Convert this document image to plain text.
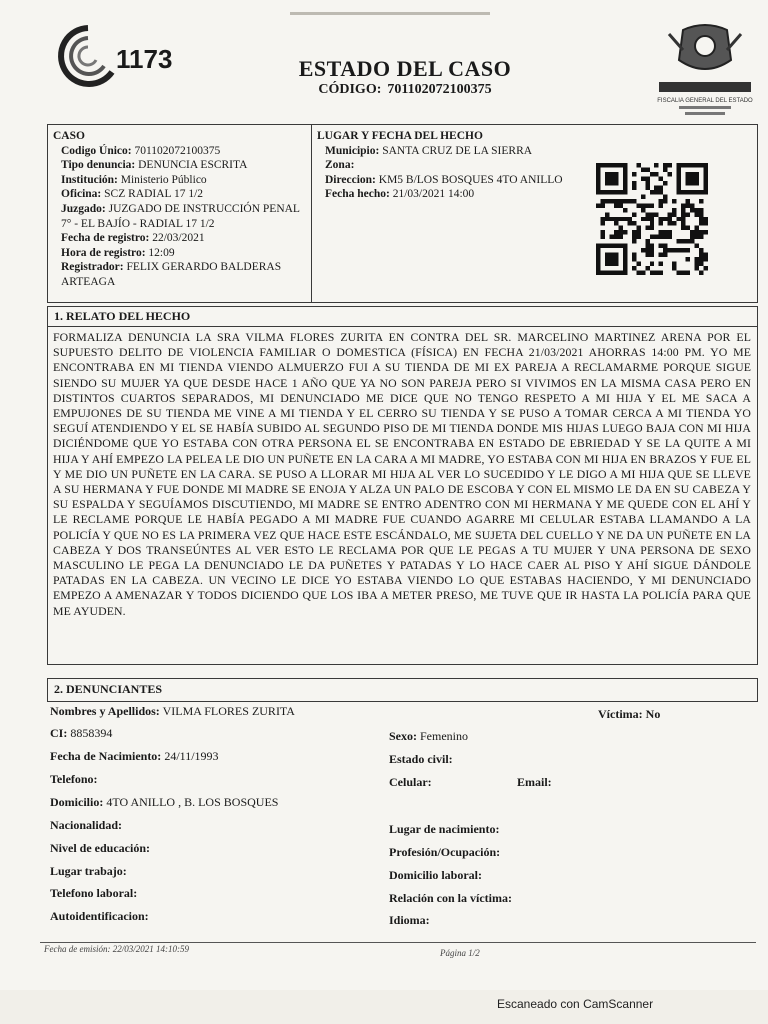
1173	ESTADO DEL CASO
CÓDIGO: 701102072100375
FISCALIA GENERAL DEL ESTADO
CASO
Codigo Único: 701102072100375
Tipo denuncia: DENUNCIA ESCRITA
Institución: Ministerio Público
Oficina: SCZ RADIAL 17 1/2
Juzgado: JUZGADO DE INSTRUCCIÓN PENAL 7° - EL BAJÍO - RADIAL 17 1/2
Fecha de registro: 22/03/2021
Hora de registro: 12:09
Registrador: FELIX GERARDO BALDERAS ARTEAGA
LUGAR Y FECHA DEL HECHO
Municipio: SANTA CRUZ DE LA SIERRA
Zona:
Direccion: KM5 B/LOS BOSQUES 4TO ANILLO
Fecha hecho: 21/03/2021 14:00
1. RELATO DEL HECHO
FORMALIZA DENUNCIA LA SRA VILMA FLORES ZURITA EN CONTRA DEL SR. MARCELINO MARTINEZ ARENA POR EL SUPUESTO DELITO DE VIOLENCIA FAMILIAR O DOMESTICA (FÍSICA) EN FECHA 21/03/2021 AHORRAS 14:00 PM. YO ME ENCONTRABA EN MI TIENDA VIENDO ALMUERZO FUI A SU TIENDA DE MI EX PAREJA A RECLAMARME PORQUE SIGUE SIENDO SU MUJER YA QUE DESDE HACE 1 AÑO QUE YA NO SON PAREJA PERO SI VIVIMOS EN LA MISMA CASA PERO EN DISTINTOS CUARTOS SEPARADOS, MI DENUNCIADO ME DICE QUE NO TENGO RESPETO A MI HIJA Y EL ME SACA A EMPUJONES DE SU TIENDA ME VINE A MI TIENDA Y EL CERRO SU TIENDA Y SE PUSO A TOMAR CERCA A MI TIENDA YO SEGUÍ ATENDIENDO Y EL SE HABÍA SUBIDO AL SEGUNDO PISO DE MI TIENDA DONDE MIS HIJAS LUEGO BAJA CON MI HIJA DICIÉNDOME QUE YO ESTABA CON OTRA PERSONA EL SE ENCONTRABA EN ESTADO DE EBRIEDAD Y SE LA QUITE A MI HIJA Y AHÍ EMPEZO LA PELEA LE DIO UN PUÑETE EN LA CARA A MI MADRE, YO ESTABA CON MI HIJA EN BRAZOS Y FUE EL Y ME DIO UN PUÑETE EN LA CARA. SE PUSO A LLORAR MI HIJA AL VER LO SUCEDIDO Y LE DIGO A MI HIJA QUE SE LLEVE A SU HERMANA Y FUE DONDE MI MADRE SE ENOJA Y ALZA UN PALO DE ESCOBA Y CON EL MISMO LE DA EN SU CABEZA Y SU ESPALDA Y SEGUÍAMOS DISCUTIENDO, MI MADRE SE ENTRO ADENTRO CON MI HERMANA Y ME QUEDE CON EL AHÍ Y LE RECLAME PORQUE LE HABÍA PEGADO A MI MADRE FUE CUANDO AGARRE MI CELULAR ESTABA LLAMANDO A LA POLICÍA Y QUE NO ES LA PRIMERA VEZ QUE HACE ESTE ESCÁNDALO, ME SUJETA DEL CUELLO Y NE DA UN PUÑETE EN LA CABEZA Y DOS TRANSEÚNTES AL VER ESTO LE RECLAMA POR QUE LE PEGAS A TU MUJER Y UNA PERSONA DE SEXO MASCULINO LE PEGA LA DENUNCIADO LE DA PUÑETES Y PATADAS Y LO HACE CAER AL PISO Y AHÍ SIGUE DÁNDOLE PATADAS EN LA CABEZA. UN VECINO LE DICE YO ESTABA VIENDO LO QUE ESTABAS HACIENDO, Y MI DENUNCIADO EMPEZO A AMENAZAR Y TODOS DICIENDO QUE LOS IBA A METER PRESO, ME TUVE QUE IR HASTA LA POLICÍA PARA QUE ME AYUDEN.
2. DENUNCIANTES
Nombres y Apellidos: VILMA FLORES ZURITA	Víctima: No
CI: 8858394	Sexo: Femenino
Fecha de Nacimiento: 24/11/1993	Estado civil:
Telefono:	Celular:	Email:
Domicilio: 4TO ANILLO , B. LOS BOSQUES
Nacionalidad:	Lugar de nacimiento:
Nivel de educación:	Profesión/Ocupación:
Lugar trabajo:	Domicilio laboral:
Telefono laboral:	Relación con la víctima:
Autoidentificacion:	Idioma:
Fecha de emisión: 22/03/2021 14:10:59	Página 1/2
Escaneado con CamScanner
